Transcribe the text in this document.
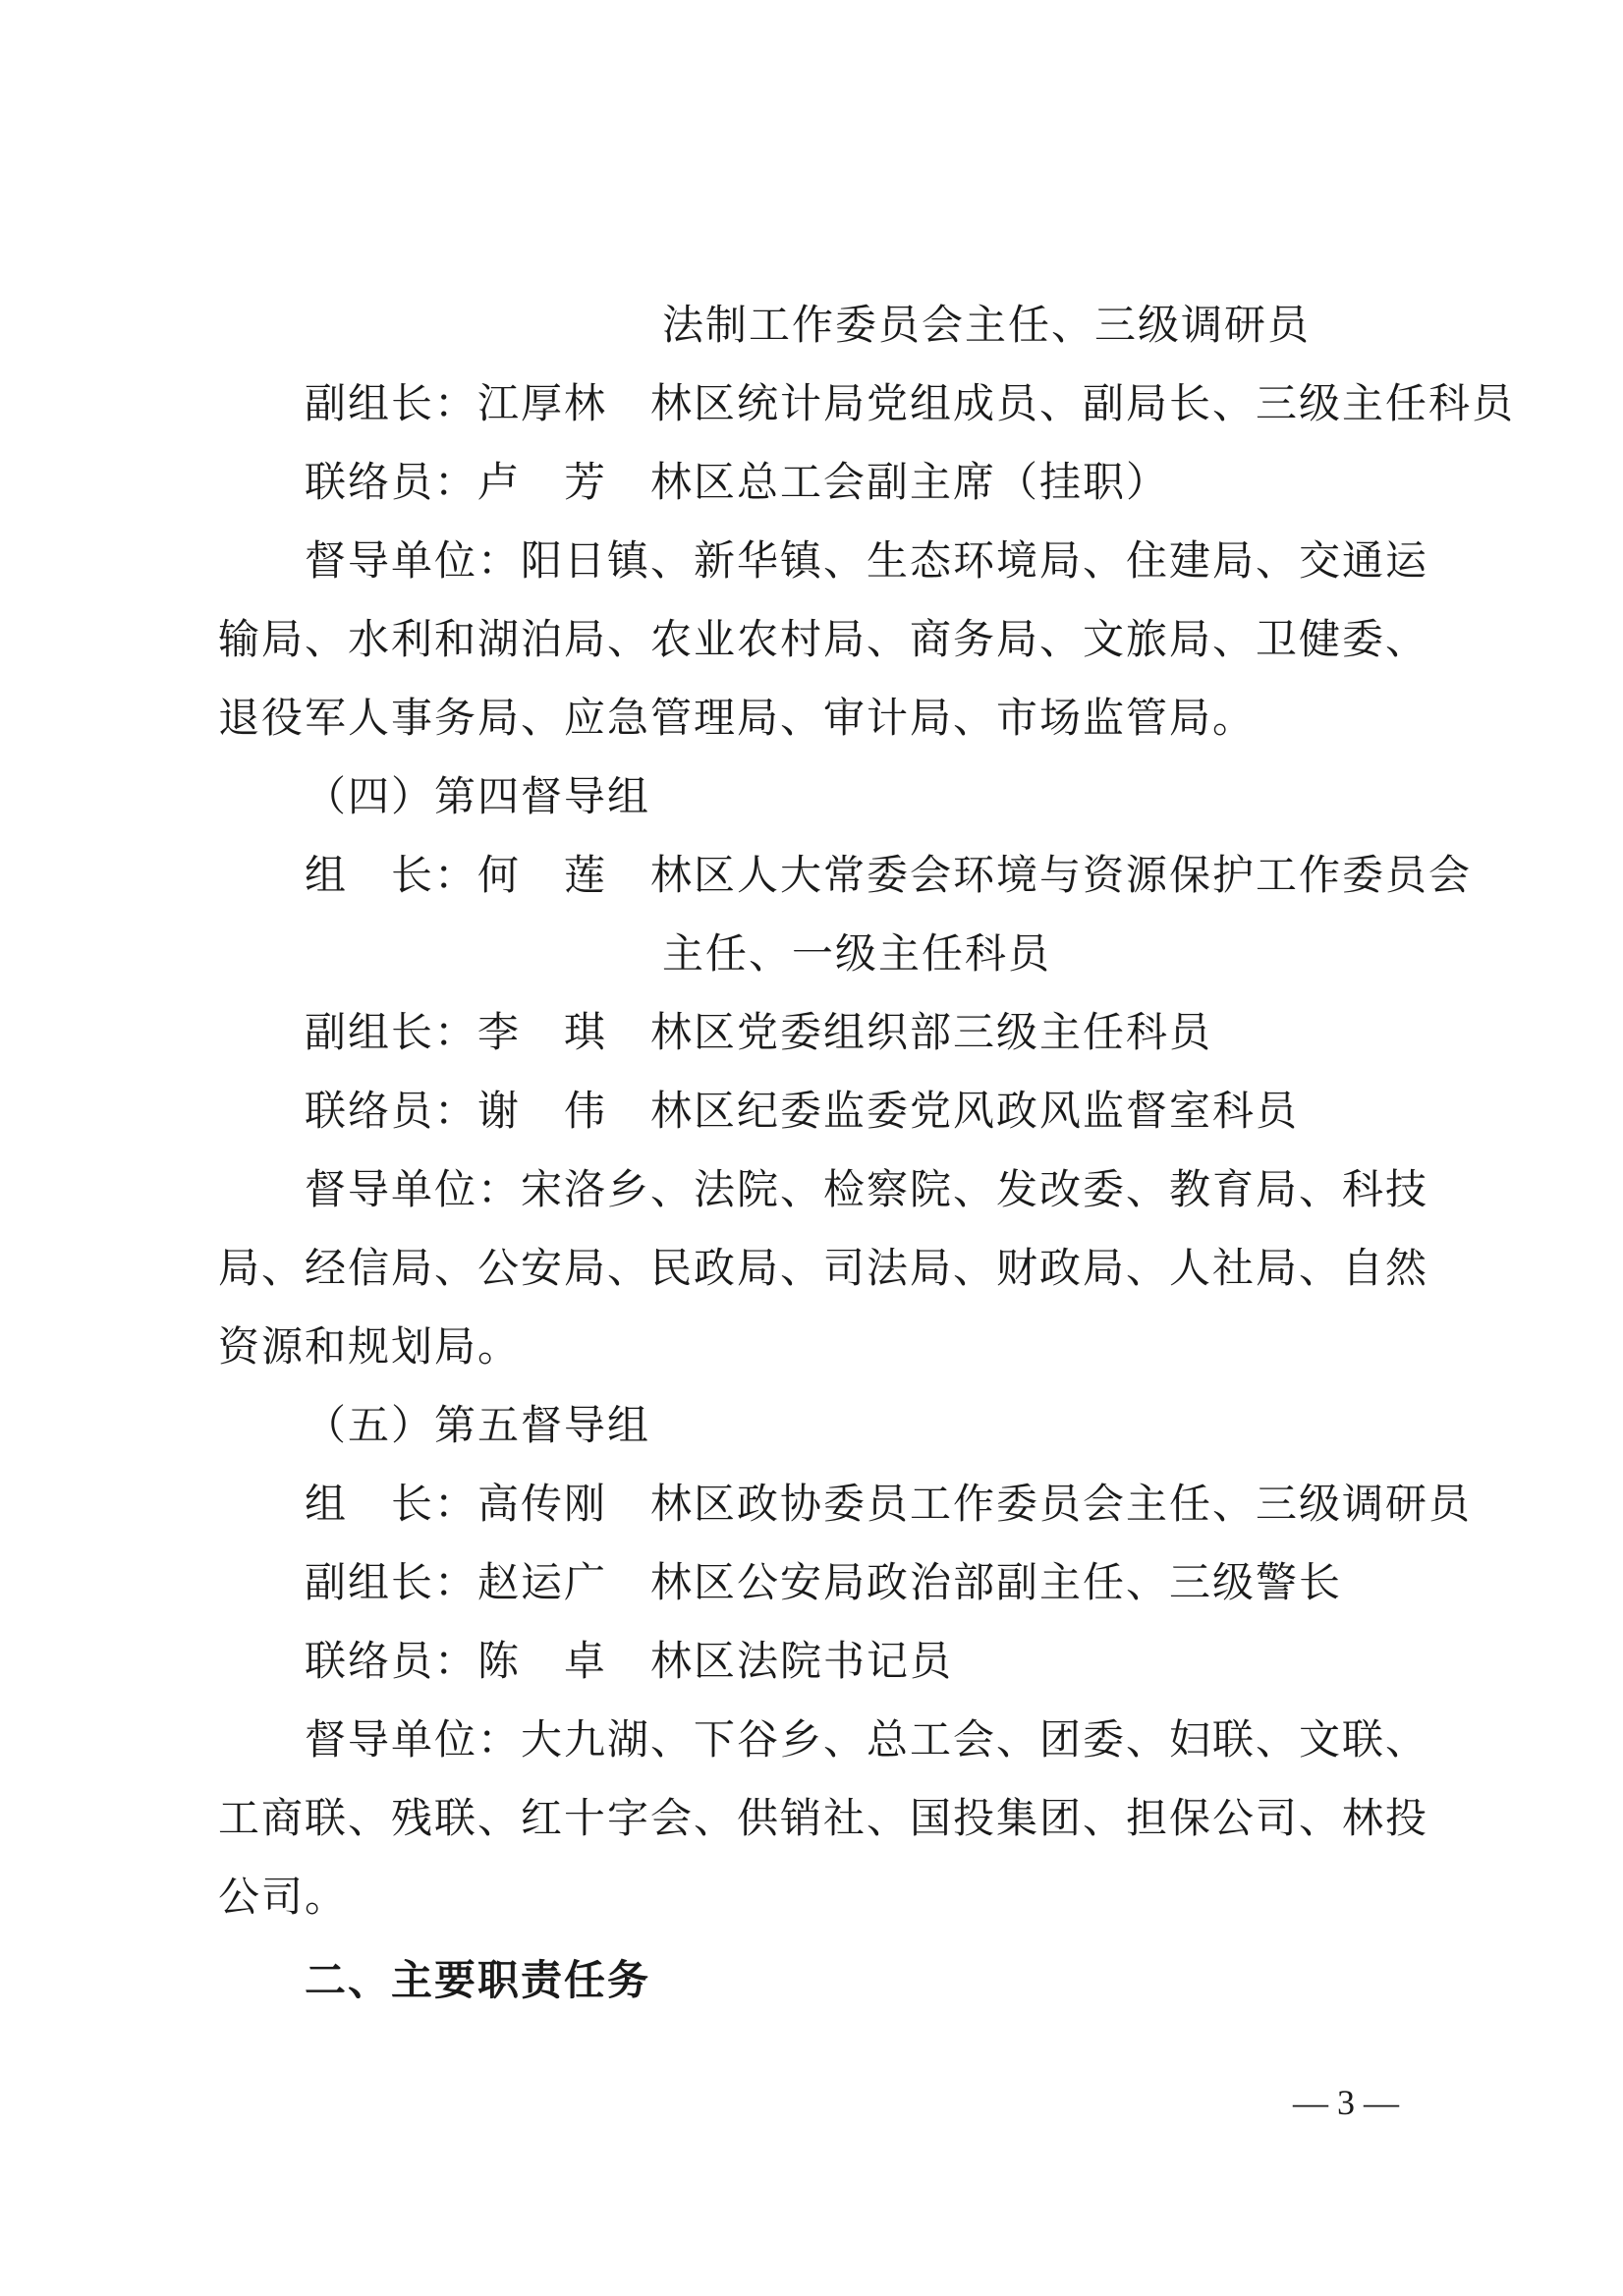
法制工作委员会主任、三级调研员
副组长：江厚林 林区统计局党组成员、副局长、三级主任科员
联络员：卢　芳 林区总工会副主席（挂职）
督导单位：阳日镇、新华镇、生态环境局、住建局、交通运
输局、水利和湖泊局、农业农村局、商务局、文旅局、卫健委、
退役军人事务局、应急管理局、审计局、市场监管局。
（四）第四督导组
组　长：何　莲 林区人大常委会环境与资源保护工作委员会
主任、一级主任科员
副组长：李　琪 林区党委组织部三级主任科员
联络员：谢　伟 林区纪委监委党风政风监督室科员
督导单位：宋洛乡、法院、检察院、发改委、教育局、科技
局、经信局、公安局、民政局、司法局、财政局、人社局、自然
资源和规划局。
（五）第五督导组
组　长：高传刚 林区政协委员工作委员会主任、三级调研员
副组长：赵运广 林区公安局政治部副主任、三级警长
联络员：陈　卓 林区法院书记员
督导单位：大九湖、下谷乡、总工会、团委、妇联、文联、
工商联、残联、红十字会、供销社、国投集团、担保公司、林投
公司。
二、主要职责任务
— 3 —
